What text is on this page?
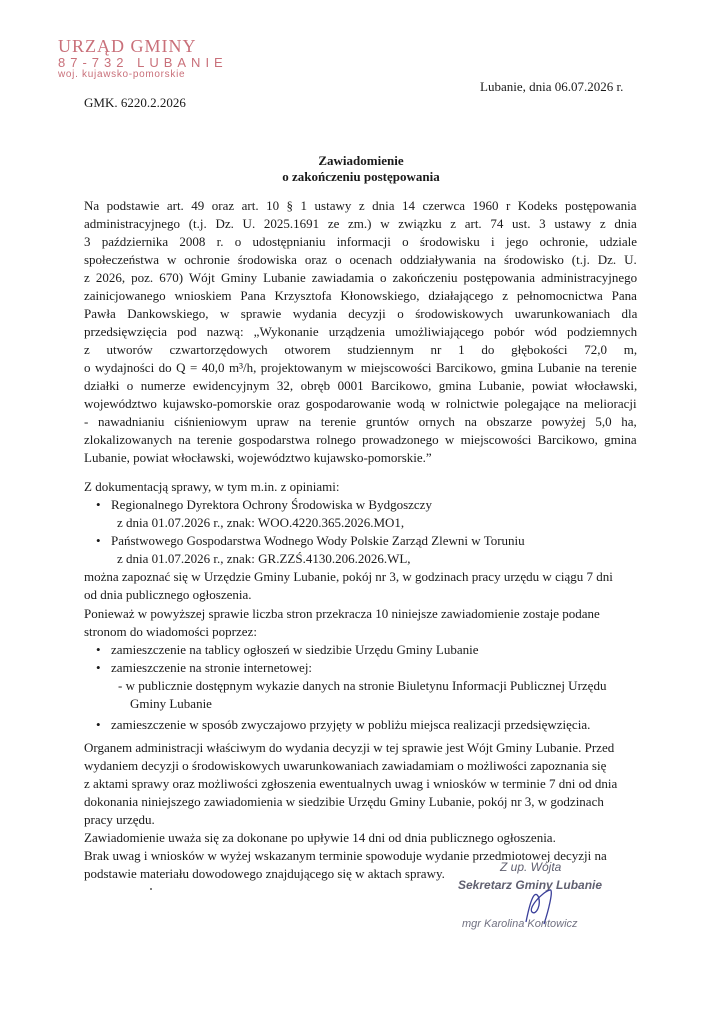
URZĄD GMINY
87-732 LUBANIE
woj. kujawsko-pomorskie
Lubanie, dnia 06.07.2026 r.
GMK. 6220.2.2026
Zawiadomienie
o zakończeniu postępowania
Na podstawie art. 49 oraz art. 10 § 1 ustawy z dnia 14 czerwca 1960 r Kodeks postępowania
administracyjnego (t.j. Dz. U. 2025.1691 ze zm.) w związku z art. 74 ust. 3 ustawy z dnia
3 października 2008 r. o udostępnianiu informacji o środowisku i jego ochronie, udziale
społeczeństwa w ochronie środowiska oraz o ocenach oddziaływania na środowisko (t.j. Dz. U.
z 2026, poz. 670) Wójt Gminy Lubanie zawiadamia o zakończeniu postępowania administracyjnego
zainicjowanego wnioskiem Pana Krzysztofa Kłonowskiego, działającego z pełnomocnictwa Pana
Pawła Dankowskiego, w sprawie wydania decyzji o środowiskowych uwarunkowaniach dla
przedsięwzięcia pod nazwą: „Wykonanie urządzenia umożliwiającego pobór wód podziemnych
z utworów czwartorzędowych otworem studziennym nr 1 do głębokości 72,0 m,
o wydajności do Q = 40,0 m³/h, projektowanym w miejscowości Barcikowo, gmina Lubanie na terenie
działki o numerze ewidencyjnym 32, obręb 0001 Barcikowo, gmina Lubanie, powiat włocławski,
województwo kujawsko-pomorskie oraz gospodarowanie wodą w rolnictwie polegające na melioracji
- nawadnianiu ciśnieniowym upraw na terenie gruntów ornych na obszarze powyżej 5,0 ha,
zlokalizowanych na terenie gospodarstwa rolnego prowadzonego w miejscowości Barcikowo, gmina
Lubanie, powiat włocławski, województwo kujawsko-pomorskie.”
Z dokumentacją sprawy, w tym m.in. z opiniami:
• Regionalnego Dyrektora Ochrony Środowiska w Bydgoszczy
z dnia 01.07.2026 r., znak: WOO.4220.365.2026.MO1,
• Państwowego Gospodarstwa Wodnego Wody Polskie Zarząd Zlewni w Toruniu
z dnia 01.07.2026 r., znak: GR.ZZŚ.4130.206.2026.WL,
można zapoznać się w Urzędzie Gminy Lubanie, pokój nr 3, w godzinach pracy urzędu w ciągu 7 dni
od dnia publicznego ogłoszenia.
Ponieważ w powyższej sprawie liczba stron przekracza 10 niniejsze zawiadomienie zostaje podane
stronom do wiadomości poprzez:
• zamieszczenie na tablicy ogłoszeń w siedzibie Urzędu Gminy Lubanie
• zamieszczenie na stronie internetowej:
- w publicznie dostępnym wykazie danych na stronie Biuletynu Informacji Publicznej Urzędu
Gminy Lubanie
• zamieszczenie w sposób zwyczajowo przyjęty w pobliżu miejsca realizacji przedsięwzięcia.
Organem administracji właściwym do wydania decyzji w tej sprawie jest Wójt Gminy Lubanie. Przed
wydaniem decyzji o środowiskowych uwarunkowaniach zawiadamiam o możliwości zapoznania się
z aktami sprawy oraz możliwości zgłoszenia ewentualnych uwag i wniosków w terminie 7 dni od dnia
dokonania niniejszego zawiadomienia w siedzibie Urzędu Gminy Lubanie, pokój nr 3, w godzinach
pracy urzędu.
Zawiadomienie uważa się za dokonane po upływie 14 dni od dnia publicznego ogłoszenia.
Brak uwag i wniosków w wyżej wskazanym terminie spowoduje wydanie przedmiotowej decyzji na
podstawie materiału dowodowego znajdującego się w aktach sprawy.	Z up. Wójta
Sekretarz Gminy Lubanie
mgr Karolina Kontowicz
